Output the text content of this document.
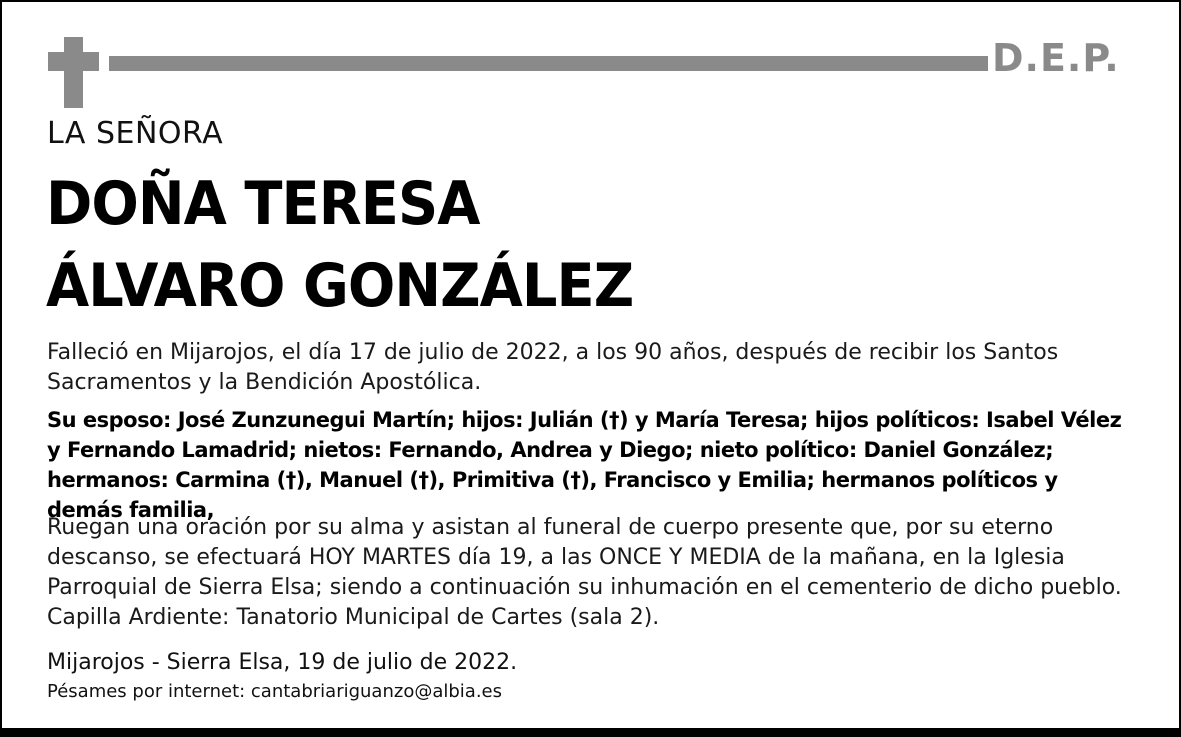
D.E.P.
LA SEÑORA
DOÑA TERESA
ÁLVARO GONZÁLEZ
Falleció en Mijarojos, el día 17 de julio de 2022, a los 90 años, después de recibir los Santos Sacramentos y la Bendición Apostólica.
Su esposo: José Zunzunegui Martín; hijos: Julián (†) y María Teresa; hijos políticos: Isabel Vélez y Fernando Lamadrid; nietos: Fernando, Andrea y Diego; nieto político: Daniel González; hermanos: Carmina (†), Manuel (†), Primitiva (†), Francisco y Emilia; hermanos políticos y demás familia,
Ruegan una oración por su alma y asistan al funeral de cuerpo presente que, por su eterno descanso, se efectuará HOY MARTES día 19, a las ONCE Y MEDIA de la mañana, en la Iglesia Parroquial de Sierra Elsa; siendo a continuación su inhumación en el cementerio de dicho pueblo. Capilla Ardiente: Tanatorio Municipal de Cartes (sala 2).
Mijarojos - Sierra Elsa, 19 de julio de 2022.
Pésames por internet: cantabriariguanzo@albia.es
